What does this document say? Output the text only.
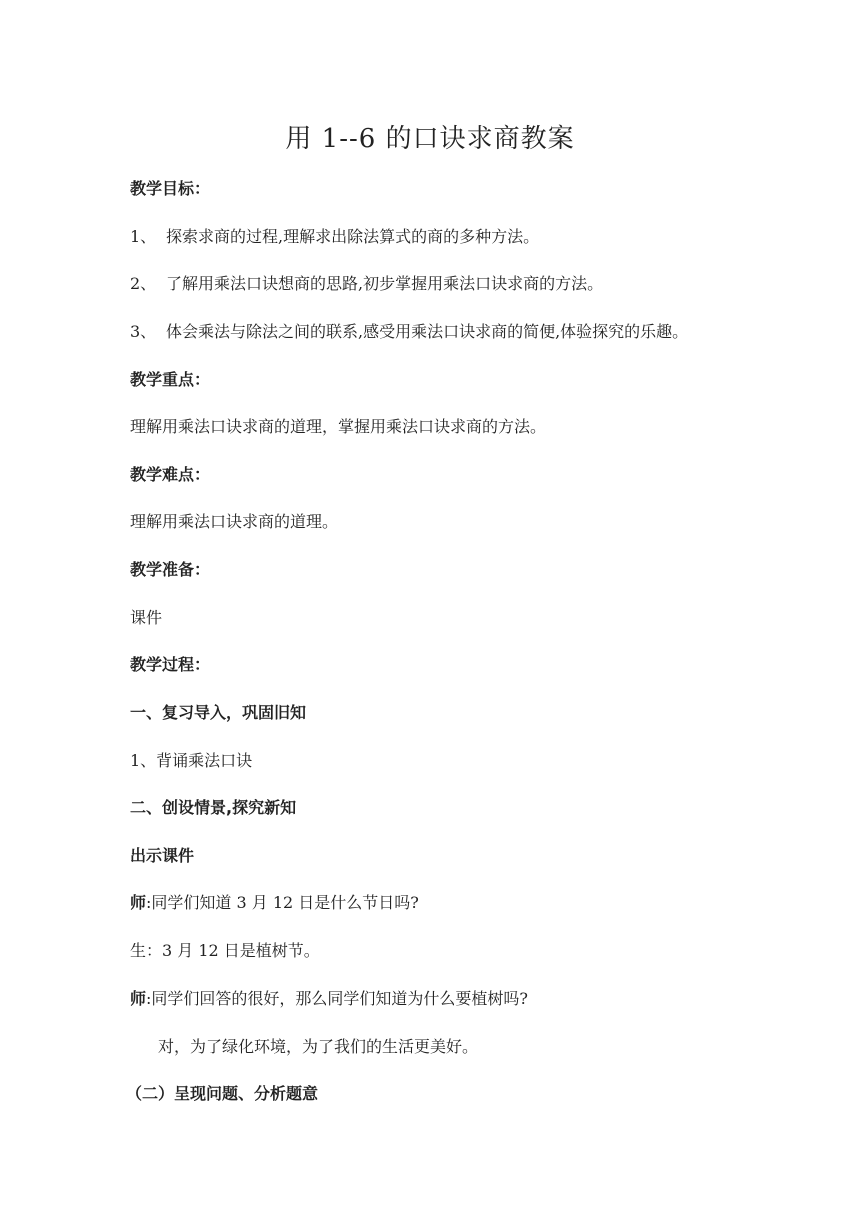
用 1--6 的口诀求商教案
教学目标：
1、 探索求商的过程,理解求出除法算式的商的多种方法。
2、 了解用乘法口诀想商的思路,初步掌握用乘法口诀求商的方法。
3、 体会乘法与除法之间的联系,感受用乘法口诀求商的简便,体验探究的乐趣。
教学重点：
理解用乘法口诀求商的道理，掌握用乘法口诀求商的方法。
教学难点：
理解用乘法口诀求商的道理。
教学准备：
课件
教学过程：
一、复习导入，巩固旧知
1、背诵乘法口诀
二、创设情景,探究新知
出示课件
师:同学们知道 3 月 12 日是什么节日吗?
生：3 月 12 日是植树节。
师:同学们回答的很好，那么同学们知道为什么要植树吗?
对，为了绿化环境，为了我们的生活更美好。
（二）呈现问题、分析题意
